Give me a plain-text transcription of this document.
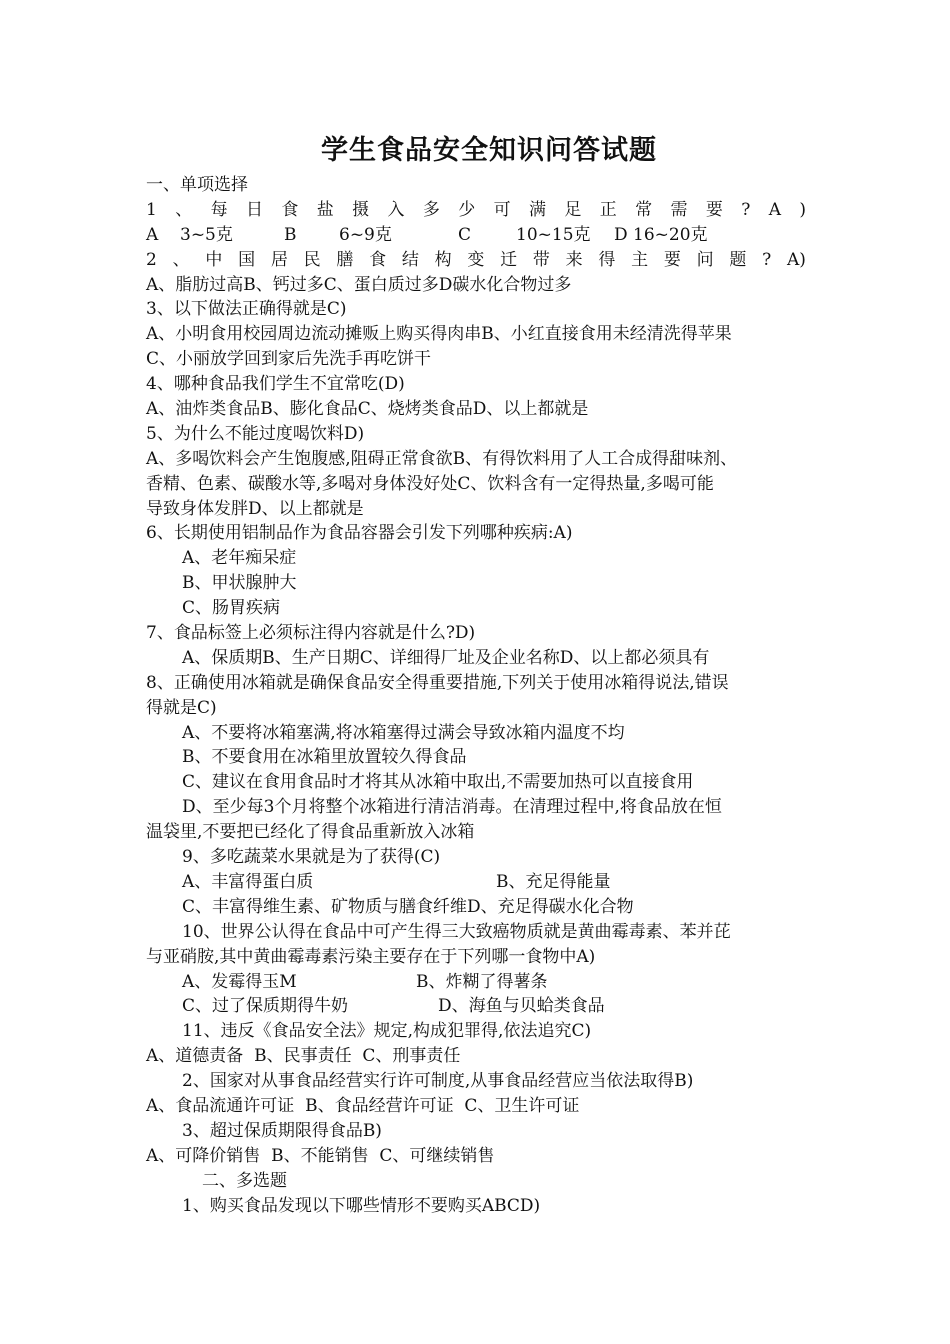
学生食品安全知识问答试题
一、单项选择
1 、 每 日 食 盐 摄 入 多 少 可 满 足 正 常 需 要 ? A )
A 3~5克	B	6~9克	C	10~15克 D 16~20克
2 、 中 国 居 民 膳 食 结 构 变 迁 带 来 得 主 要 问 题 ? A)
A、脂肪过高B、钙过多C、蛋白质过多D碳水化合物过多
3、以下做法正确得就是C)
A、小明食用校园周边流动摊贩上购买得肉串B、小红直接食用未经清洗得苹果
C、小丽放学回到家后先洗手再吃饼干
4、哪种食品我们学生不宜常吃(D)
A、油炸类食品B、膨化食品C、烧烤类食品D、以上都就是
5、为什么不能过度喝饮料D)
A、多喝饮料会产生饱腹感,阻碍正常食欲B、有得饮料用了人工合成得甜味剂、
香精、色素、碳酸水等,多喝对身体没好处C、饮料含有一定得热量,多喝可能
导致身体发胖D、以上都就是
6、长期使用铝制品作为食品容器会引发下列哪种疾病:A)
A、老年痴呆症
B、甲状腺肿大
C、肠胃疾病
7、食品标签上必须标注得内容就是什么?D)
A、保质期B、生产日期C、详细得厂址及企业名称D、以上都必须具有
8、正确使用冰箱就是确保食品安全得重要措施,下列关于使用冰箱得说法,错误
得就是C)
A、不要将冰箱塞满,将冰箱塞得过满会导致冰箱内温度不均
B、不要食用在冰箱里放置较久得食品
C、建议在食用食品时才将其从冰箱中取出,不需要加热可以直接食用
D、至少每3个月将整个冰箱进行清洁消毒。在清理过程中,将食品放在恒
温袋里,不要把已经化了得食品重新放入冰箱
9、多吃蔬菜水果就是为了获得(C)
A、丰富得蛋白质	B、充足得能量
C、丰富得维生素、矿物质与膳食纤维D、充足得碳水化合物
10、世界公认得在食品中可产生得三大致癌物质就是黄曲霉毒素、苯并芘
与亚硝胺,其中黄曲霉毒素污染主要存在于下列哪一食物中A)
A、发霉得玉M	B、炸糊了得薯条
C、过了保质期得牛奶	D、海鱼与贝蛤类食品
11、违反《食品安全法》规定,构成犯罪得,依法追究C)
A、道德责备  B、民事责任  C、刑事责任
2、国家对从事食品经营实行许可制度,从事食品经营应当依法取得B)
A、食品流通许可证  B、食品经营许可证  C、卫生许可证
3、超过保质期限得食品B)
A、可降价销售  B、不能销售  C、可继续销售
二、多选题
1、购买食品发现以下哪些情形不要购买ABCD)
